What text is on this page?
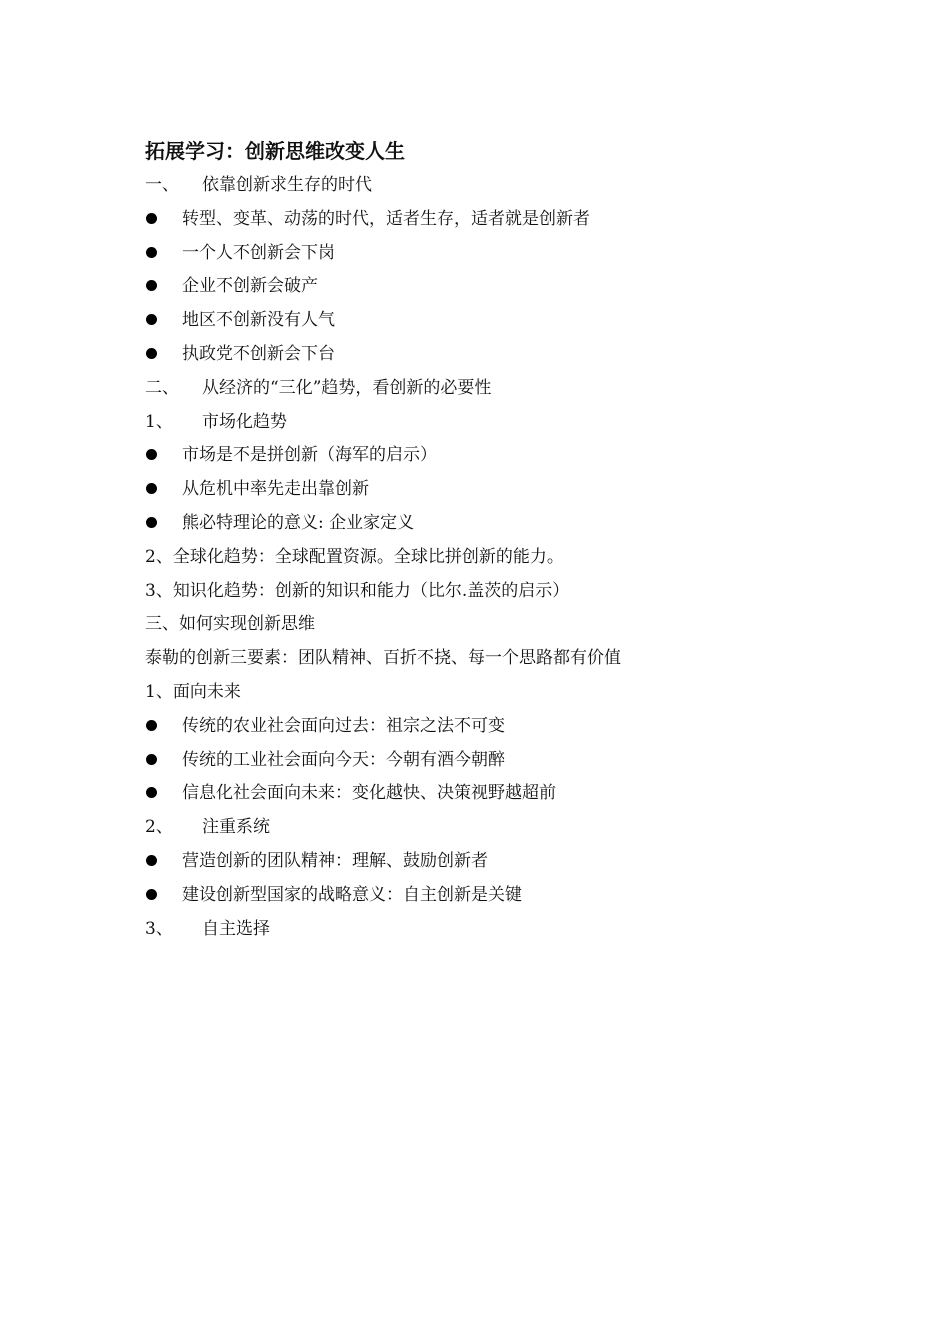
拓展学习：创新思维改变人生
一、	依靠创新求生存的时代
转型、变革、动荡的时代，适者生存，适者就是创新者
一个人不创新会下岗
企业不创新会破产
地区不创新没有人气
执政党不创新会下台
二、	从经济的“三化”趋势，看创新的必要性
1、	市场化趋势
市场是不是拼创新（海军的启示）
从危机中率先走出靠创新
熊必特理论的意义: 企业家定义
2、全球化趋势：全球配置资源。全球比拼创新的能力。
3、知识化趋势：创新的知识和能力（比尔.盖茨的启示）
三、如何实现创新思维
泰勒的创新三要素：团队精神、百折不挠、每一个思路都有价值
1、面向未来
传统的农业社会面向过去：祖宗之法不可变
传统的工业社会面向今天：今朝有酒今朝醉
信息化社会面向未来：变化越快、决策视野越超前
2、	注重系统
营造创新的团队精神：理解、鼓励创新者
建设创新型国家的战略意义：自主创新是关键
3、	自主选择
